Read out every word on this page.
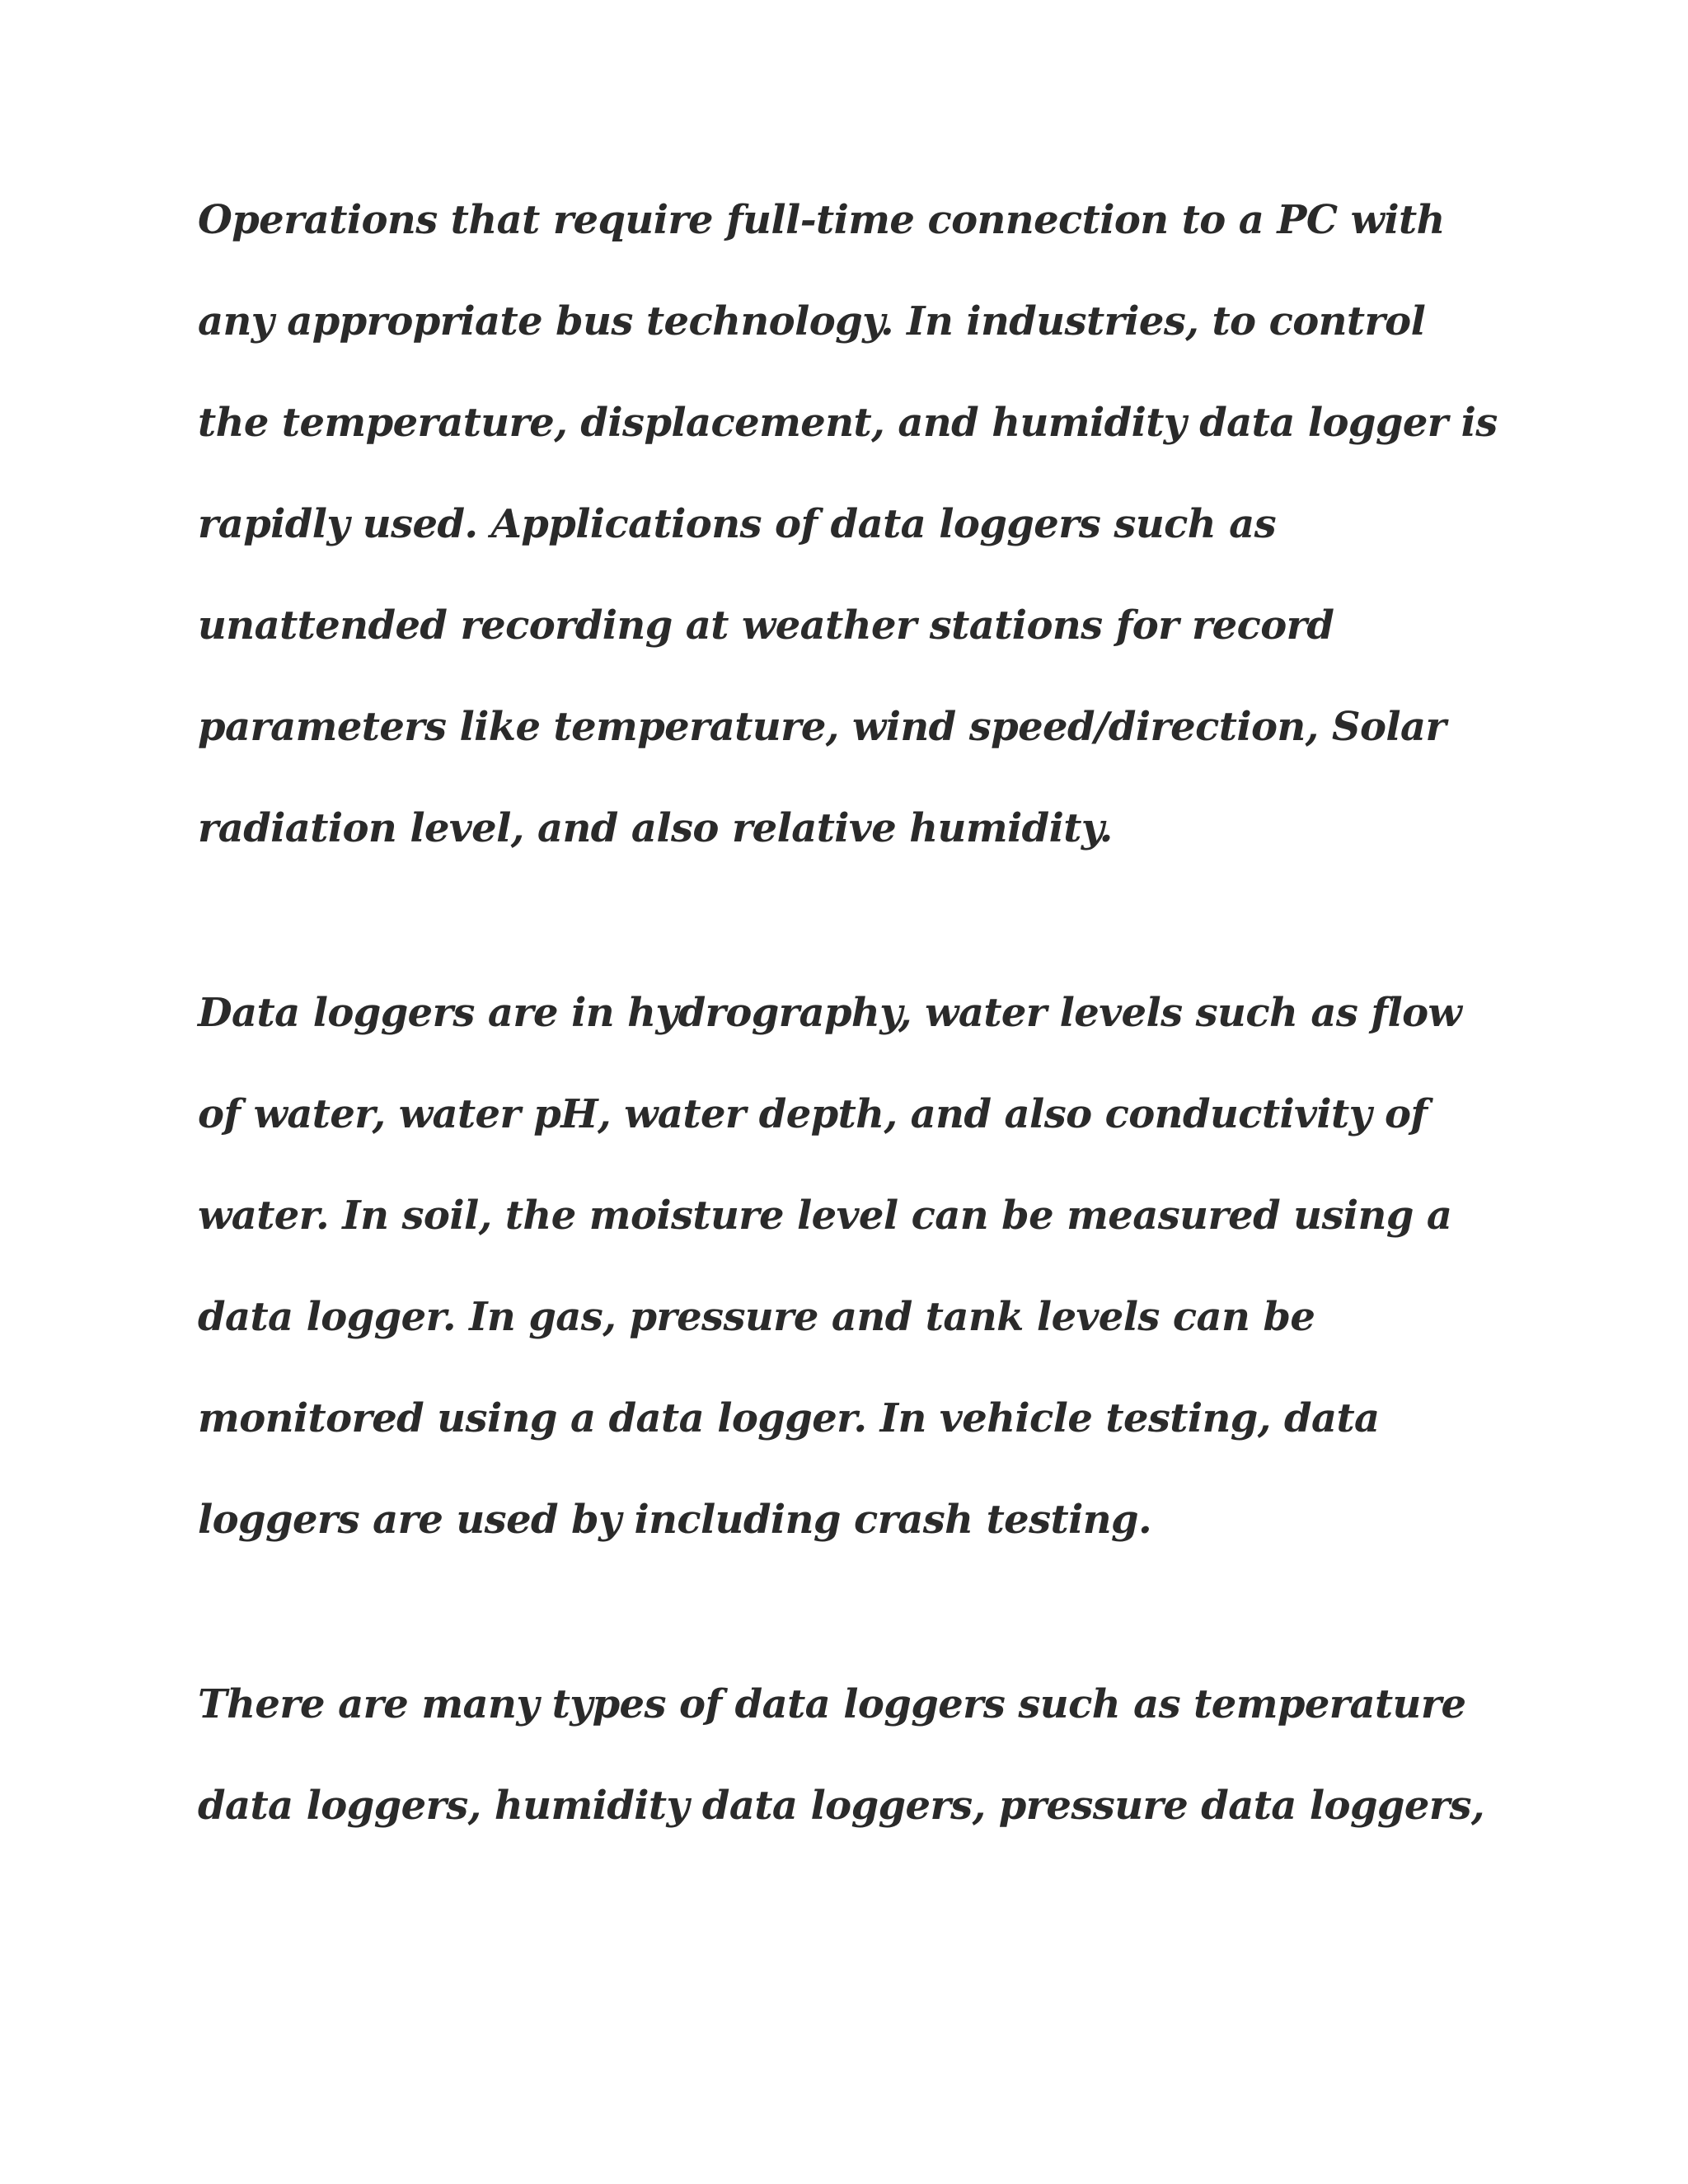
Operations that require full-time connection to a PC with
any appropriate bus technology. In industries, to control
the temperature, displacement, and humidity data logger is
rapidly used. Applications of data loggers such as
unattended recording at weather stations for record
parameters like temperature, wind speed/direction, Solar
radiation level, and also relative humidity.
Data loggers are in hydrography, water levels such as flow
of water, water pH, water depth, and also conductivity of
water. In soil, the moisture level can be measured using a
data logger. In gas, pressure and tank levels can be
monitored using a data logger. In vehicle testing, data
loggers are used by including crash testing.
There are many types of data loggers such as temperature
data loggers, humidity data loggers, pressure data loggers,
